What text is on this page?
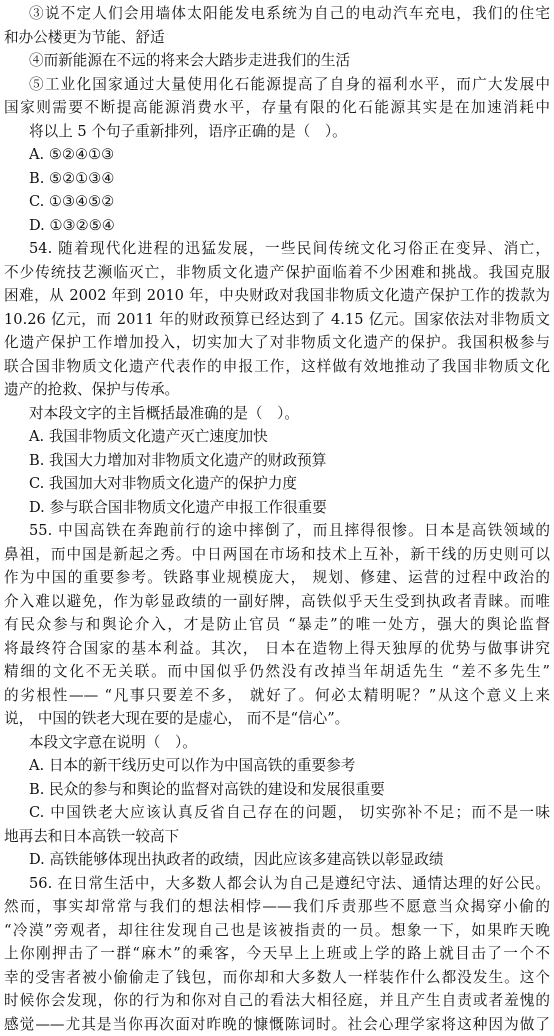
③说不定人们会用墙体太阳能发电系统为自己的电动汽车充电，我们的住宅
和办公楼更为节能、舒适
④而新能源在不远的将来会大踏步走进我们的生活
⑤工业化国家通过大量使用化石能源提高了自身的福利水平，而广大发展中
国家则需要不断提高能源消费水平，存量有限的化石能源其实是在加速消耗中
将以上 5 个句子重新排列，语序正确的是（　）。
A. ⑤②④①③
B. ⑤②①③④
C. ①③④⑤②
D. ①③②⑤④
54. 随着现代化进程的迅猛发展，一些民间传统文化习俗正在变异、消亡，
不少传统技艺濒临灭亡，非物质文化遗产保护面临着不少困难和挑战。我国克服
困难，从 2002 年到 2010 年，中央财政对我国非物质文化遗产保护工作的拨款为
10.26 亿元，而 2011 年的财政预算已经达到了 4.15 亿元。国家依法对非物质文
化遗产保护工作增加投入，切实加大了对非物质文化遗产的保护。我国积极参与
联合国非物质文化遗产代表作的申报工作，这样做有效地推动了我国非物质文化
遗产的抢救、保护与传承。
对本段文字的主旨概括最准确的是（　）。
A. 我国非物质文化遗产灭亡速度加快
B. 我国大力增加对非物质文化遗产的财政预算
C. 我国加大对非物质文化遗产的保护力度
D. 参与联合国非物质文化遗产申报工作很重要
55. 中国高铁在奔跑前行的途中摔倒了，而且摔得很惨。日本是高铁领域的
鼻祖，而中国是新起之秀。中日两国在市场和技术上互补，新干线的历史则可以
作为中国的重要参考。铁路事业规模庞大， 规划、修建、运营的过程中政治的
介入难以避免，作为彰显政绩的一副好牌，高铁似乎天生受到执政者青睐。而唯
有民众参与和舆论介入，才是防止官员 “暴走”的唯一处方，强大的舆论监督
将最终符合国家的基本利益。其次， 日本在造物上得天独厚的优势与做事讲究
精细的文化不无关联。而中国似乎仍然没有改掉当年胡适先生 “差不多先生”
的劣根性—— “凡事只要差不多， 就好了。何必太精明呢？”从这个意义上来
说， 中国的铁老大现在要的是虚心， 而不是“信心”。
本段文字意在说明（　）。
A. 日本的新干线历史可以作为中国高铁的重要参考
B. 民众的参与和舆论的监督对高铁的建设和发展很重要
C. 中国铁老大应该认真反省自己存在的问题， 切实弥补不足；而不是一味
地再去和日本高铁一较高下
D. 高铁能够体现出执政者的政绩，因此应该多建高铁以彰显政绩
56. 在日常生活中，大多数人都会认为自己是遵纪守法、通情达理的好公民。
然而，事实却常常与我们的想法相悖——我们斥责那些不愿意当众揭穿小偷的
“冷漠”旁观者，却往往发现自己也是该被指责的一员。想象一下，如果昨天晚
上你刚押击了一群“麻木”的乘客，今天早上上班或上学的路上就目击了一个不
幸的受害者被小偷偷走了钱包，而你却和大多数人一样装作什么都没发生。这个
时候你会发现，你的行为和你对自己的看法大相径庭，并且产生自责或者羞愧的
感觉——尤其是当你再次面对昨晚的慷慨陈词时。社会心理学家将这种因为做了
